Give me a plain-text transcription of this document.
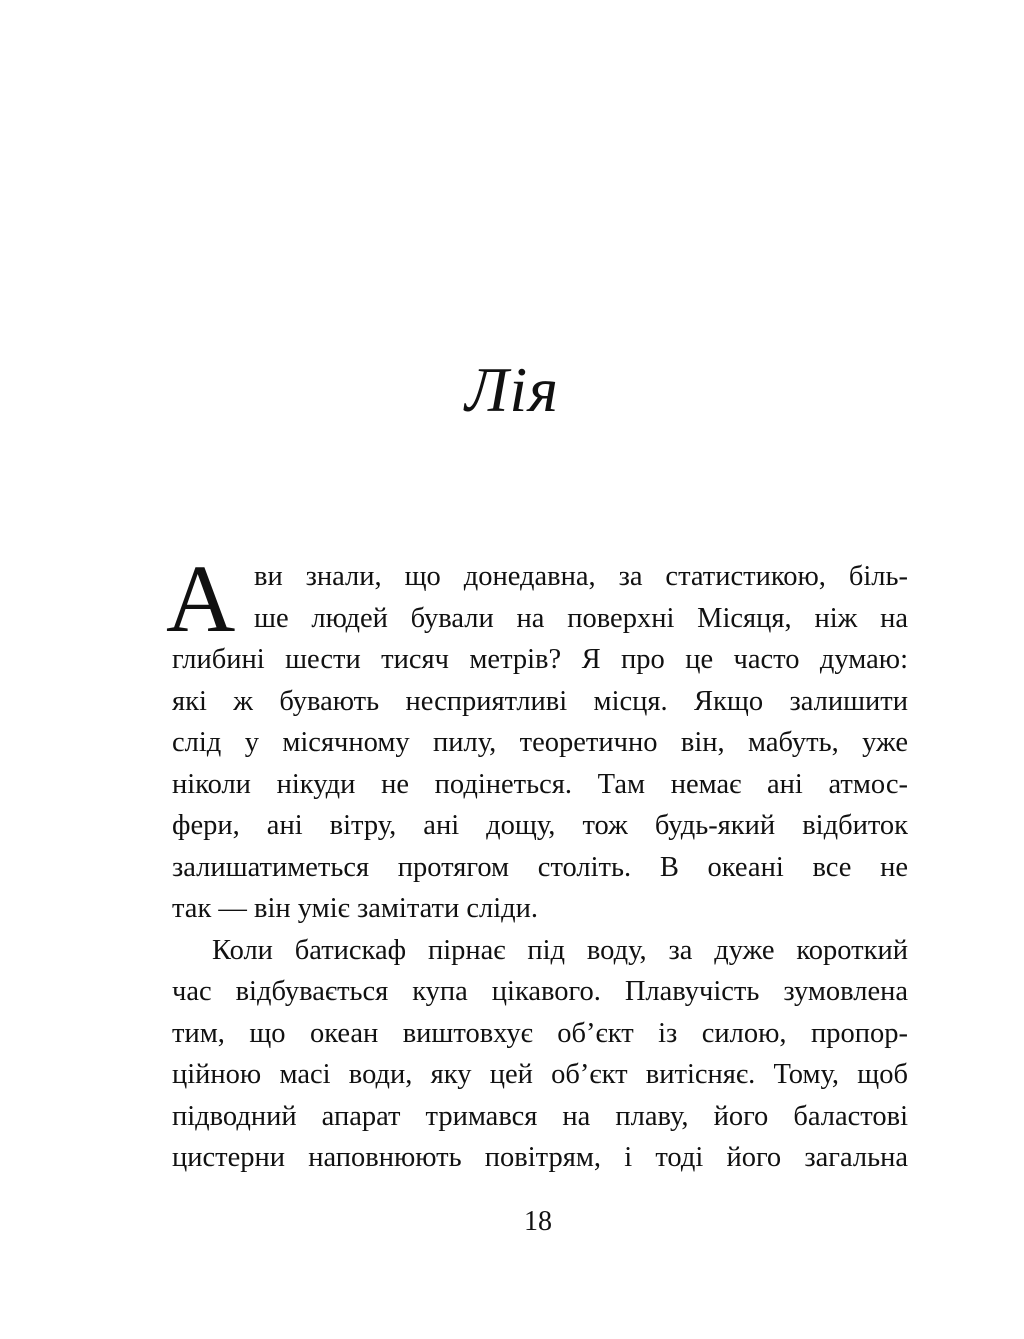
Лія
А ви знали, що донедавна, за статистикою, біль-
ше людей бували на поверхні Місяця, ніж на
глибині шести тисяч метрів? Я про це часто думаю:
які ж бувають несприятливі місця. Якщо залишити
слід у місячному пилу, теоретично він, мабуть, уже
ніколи нікуди не подінеться. Там немає ані атмос-
фери, ані вітру, ані дощу, тож будь-який відбиток
залишатиметься протягом століть. В океані все не
так — він уміє замітати сліди.
Коли батискаф пірнає під воду, за дуже короткий
час відбувається купа цікавого. Плавучість зумовлена
тим, що океан виштовхує об’єкт із силою, пропор-
ційною масі води, яку цей об’єкт витісняє. Тому, щоб
підводний апарат тримався на плаву, його баластові
цистерни наповнюють повітрям, і тоді його загальна
18
